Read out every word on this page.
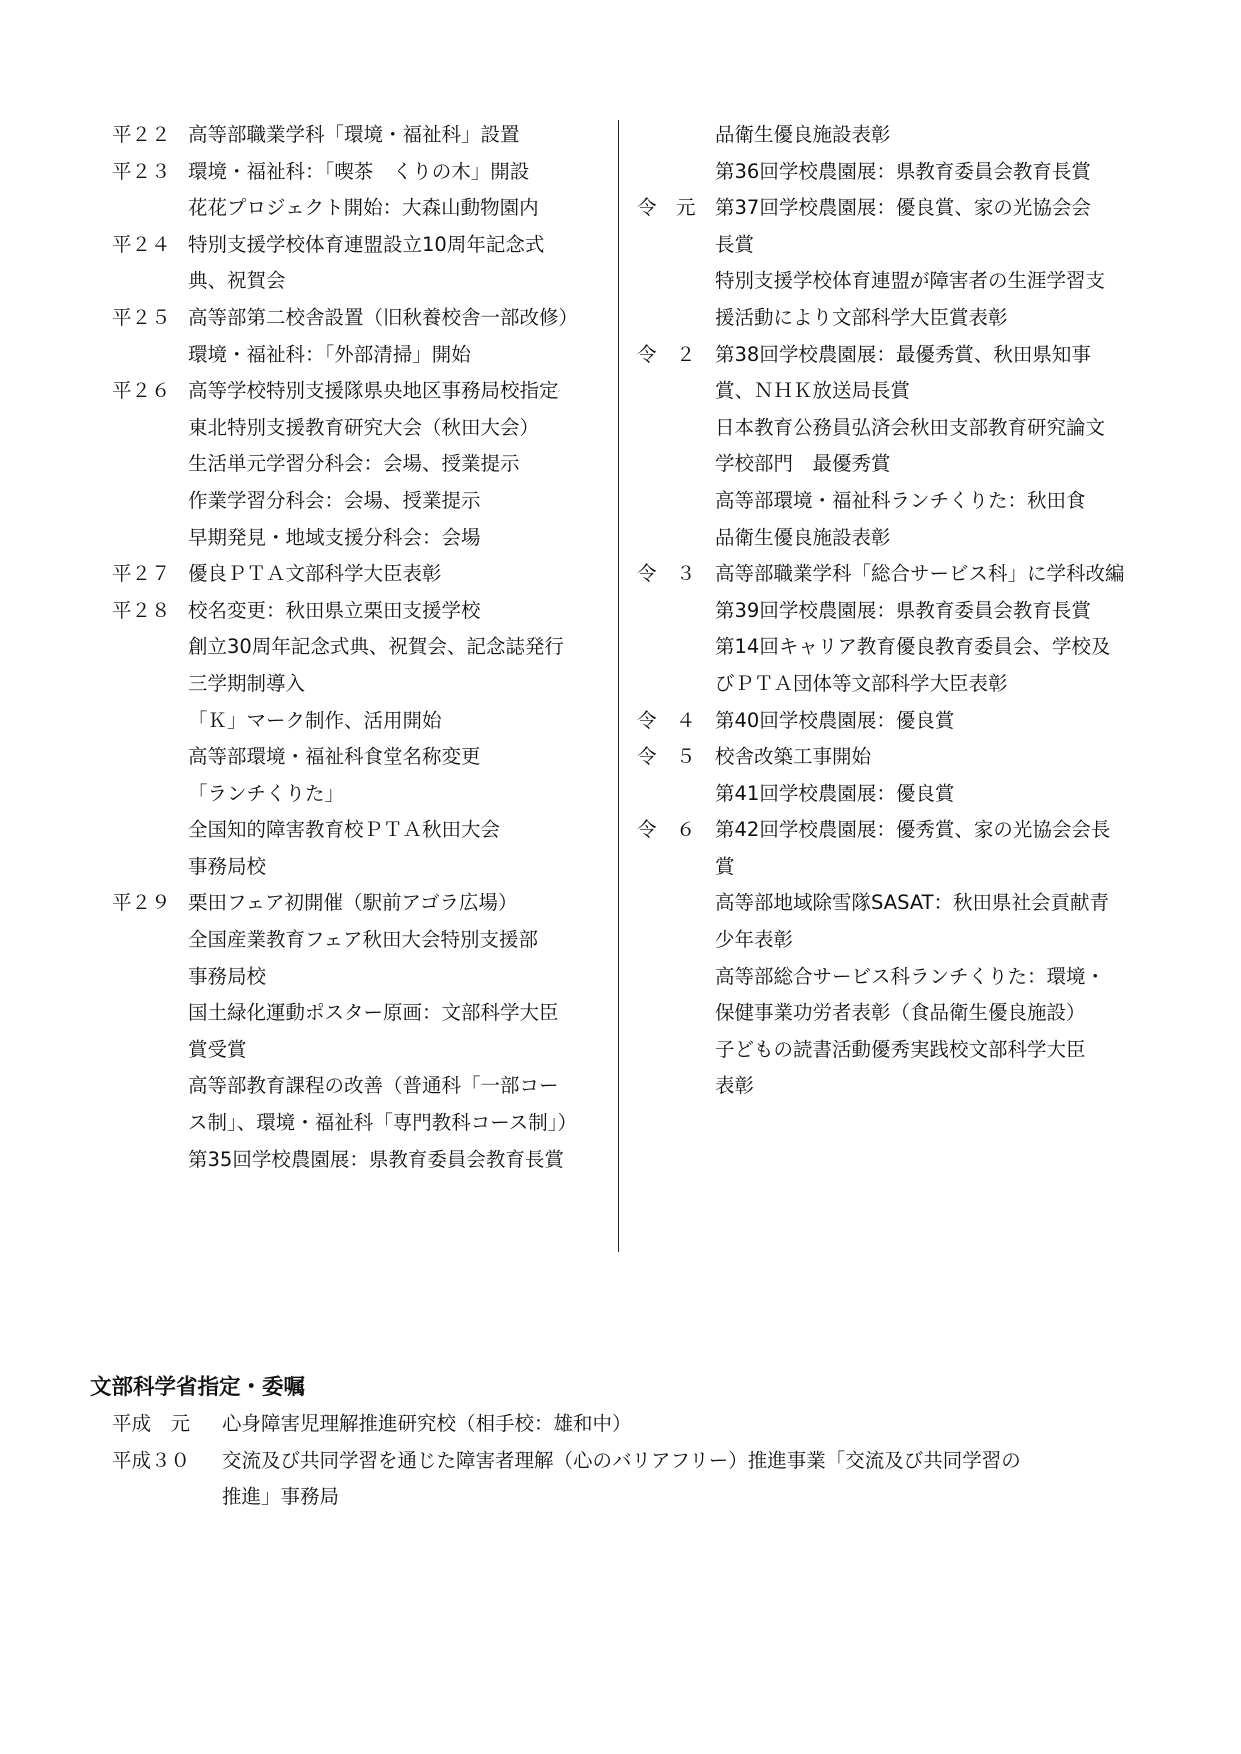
平２２ 高等部職業学科「環境・福祉科」設置
平２３ 環境・福祉科：「喫茶　くりの木」開設
花花プロジェクト開始：大森山動物園内
平２４ 特別支援学校体育連盟設立10周年記念式
典、祝賀会
平２５ 高等部第二校舎設置（旧秋養校舎一部改修）
環境・福祉科：「外部清掃」開始
平２６ 高等学校特別支援隊県央地区事務局校指定
東北特別支援教育研究大会（秋田大会）
生活単元学習分科会：会場、授業提示
作業学習分科会：会場、授業提示
早期発見・地域支援分科会：会場
平２７ 優良ＰＴＡ文部科学大臣表彰
平２８ 校名変更：秋田県立栗田支援学校
創立30周年記念式典、祝賀会、記念誌発行
三学期制導入
「Ｋ」マーク制作、活用開始
高等部環境・福祉科食堂名称変更
「ランチくりた」
全国知的障害教育校ＰＴＡ秋田大会
事務局校
平２９ 栗田フェア初開催（駅前アゴラ広場）
全国産業教育フェア秋田大会特別支援部
事務局校
国土緑化運動ポスター原画：文部科学大臣
賞受賞
高等部教育課程の改善（普通科「一部コー
ス制」、環境・福祉科「専門教科コース制」）
第35回学校農園展：県教育委員会教育長賞
品衛生優良施設表彰
第36回学校農園展：県教育委員会教育長賞
令　元 第37回学校農園展：優良賞、家の光協会会
長賞
特別支援学校体育連盟が障害者の生涯学習支
援活動により文部科学大臣賞表彰
令　２ 第38回学校農園展：最優秀賞、秋田県知事
賞、ＮＨＫ放送局長賞
日本教育公務員弘済会秋田支部教育研究論文
学校部門　最優秀賞
高等部環境・福祉科ランチくりた：秋田食
品衛生優良施設表彰
令　３ 高等部職業学科「総合サービス科」に学科改編
第39回学校農園展：県教育委員会教育長賞
第14回キャリア教育優良教育委員会、学校及
びＰＴＡ団体等文部科学大臣表彰
令　４ 第40回学校農園展：優良賞
令　５ 校舎改築工事開始
第41回学校農園展：優良賞
令　６ 第42回学校農園展：優秀賞、家の光協会会長
賞
高等部地域除雪隊SASAT：秋田県社会貢献青
少年表彰
高等部総合サービス科ランチくりた：環境・
保健事業功労者表彰（食品衛生優良施設）
子どもの読書活動優秀実践校文部科学大臣
表彰
文部科学省指定・委嘱
平成　元	心身障害児理解推進研究校（相手校：雄和中）
平成３０	交流及び共同学習を通じた障害者理解（心のバリアフリー）推進事業「交流及び共同学習の
推進」事務局
